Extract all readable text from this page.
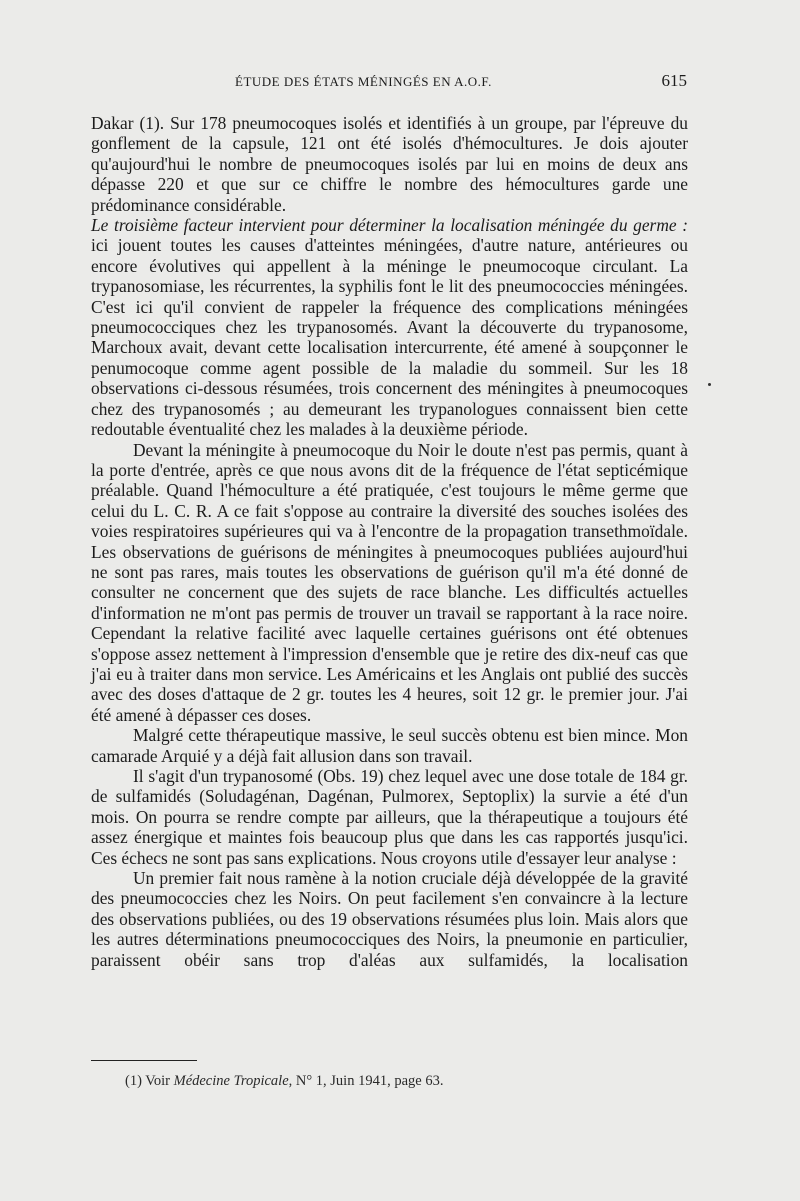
ÉTUDE DES ÉTATS MÉNINGÉS EN A.O.F.	615

Dakar (1). Sur 178 pneumocoques isolés et identifiés à un groupe, par l'épreuve du gonflement de la capsule, 121 ont été isolés d'hémocultures. Je dois ajouter qu'aujourd'hui le nombre de pneumocoques isolés par lui en moins de deux ans dépasse 220 et que sur ce chiffre le nombre des hémocultures garde une prédominance considérable.

Le troisième facteur intervient pour déterminer la localisation méningée du germe : ici jouent toutes les causes d'atteintes méningées, d'autre nature, antérieures ou encore évolutives qui appellent à la méninge le pneumocoque circulant. La trypanosomiase, les récurrentes, la syphilis font le lit des pneumococcies méningées. C'est ici qu'il convient de rappeler la fréquence des complications méningées pneumococciques chez les trypanosomés. Avant la découverte du trypanosome, Marchoux avait, devant cette localisation intercurrente, été amené à soupçonner le penumocoque comme agent possible de la maladie du sommeil. Sur les 18 observations ci-dessous résumées, trois concernent des méningites à pneumocoques chez des trypanosomés ; au demeurant les trypanologues connaissent bien cette redoutable éventualité chez les malades à la deuxième période.

Devant la méningite à pneumocoque du Noir le doute n'est pas permis, quant à la porte d'entrée, après ce que nous avons dit de la fréquence de l'état septicémique préalable. Quand l'hémoculture a été pratiquée, c'est toujours le même germe que celui du L. C. R. A ce fait s'oppose au contraire la diversité des souches isolées des voies respiratoires supérieures qui va à l'encontre de la propagation transethmoïdale. Les observations de guérisons de méningites à pneumocoques publiées aujourd'hui ne sont pas rares, mais toutes les observations de guérison qu'il m'a été donné de consulter ne concernent que des sujets de race blanche. Les difficultés actuelles d'information ne m'ont pas permis de trouver un travail se rapportant à la race noire. Cependant la relative facilité avec laquelle certaines guérisons ont été obtenues s'oppose assez nettement à l'impression d'ensemble que je retire des dix-neuf cas que j'ai eu à traiter dans mon service. Les Américains et les Anglais ont publié des succès avec des doses d'attaque de 2 gr. toutes les 4 heures, soit 12 gr. le premier jour. J'ai été amené à dépasser ces doses.

Malgré cette thérapeutique massive, le seul succès obtenu est bien mince. Mon camarade Arquié y a déjà fait allusion dans son travail.

Il s'agit d'un trypanosomé (Obs. 19) chez lequel avec une dose totale de 184 gr. de sulfamidés (Soludagénan, Dagénan, Pulmorex, Septoplix) la survie a été d'un mois. On pourra se rendre compte par ailleurs, que la thérapeutique a toujours été assez énergique et maintes fois beaucoup plus que dans les cas rapportés jusqu'ici. Ces échecs ne sont pas sans explications. Nous croyons utile d'essayer leur analyse :

Un premier fait nous ramène à la notion cruciale déjà développée de la gravité des pneumococcies chez les Noirs. On peut facilement s'en convaincre à la lecture des observations publiées, ou des 19 observations résumées plus loin. Mais alors que les autres déterminations pneumococciques des Noirs, la pneumonie en particulier, paraissent obéir sans trop d'aléas aux sulfamidés, la localisation

(1) Voir Médecine Tropicale, N° 1, Juin 1941, page 63.
